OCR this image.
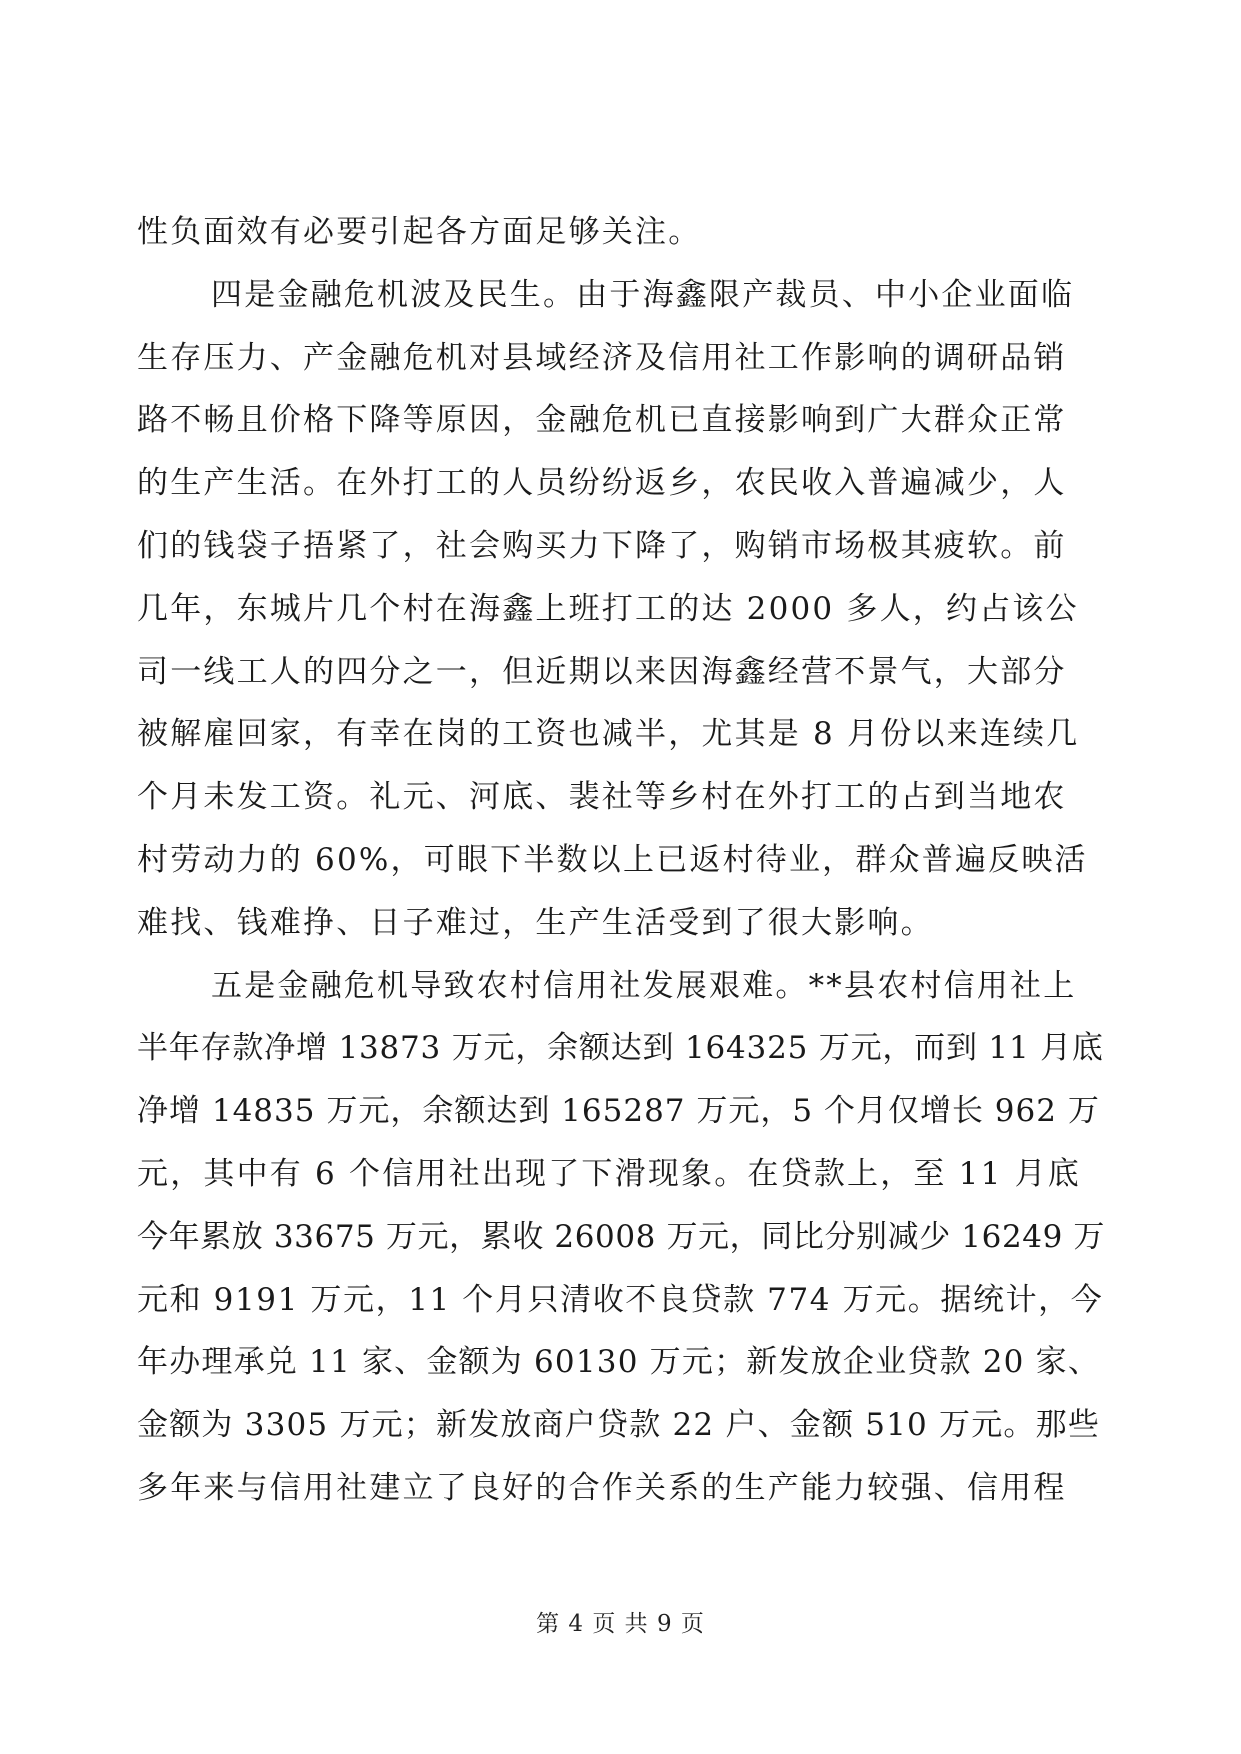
性负面效有必要引起各方面足够关注。
四是金融危机波及民生。由于海鑫限产裁员、中小企业面临
生存压力、产金融危机对县域经济及信用社工作影响的调研品销
路不畅且价格下降等原因，金融危机已直接影响到广大群众正常
的生产生活。在外打工的人员纷纷返乡，农民收入普遍减少，人
们的钱袋子捂紧了，社会购买力下降了，购销市场极其疲软。前
几年，东城片几个村在海鑫上班打工的达 2000 多人，约占该公
司一线工人的四分之一，但近期以来因海鑫经营不景气，大部分
被解雇回家，有幸在岗的工资也减半，尤其是 8 月份以来连续几
个月未发工资。礼元、河底、裴社等乡村在外打工的占到当地农
村劳动力的 60%，可眼下半数以上已返村待业，群众普遍反映活
难找、钱难挣、日子难过，生产生活受到了很大影响。
五是金融危机导致农村信用社发展艰难。**县农村信用社上
半年存款净增 13873 万元，余额达到 164325 万元，而到 11 月底
净增 14835 万元，余额达到 165287 万元，5 个月仅增长 962 万
元，其中有 6 个信用社出现了下滑现象。在贷款上，至 11 月底
今年累放 33675 万元，累收 26008 万元，同比分别减少 16249 万
元和 9191 万元，11 个月只清收不良贷款 774 万元。据统计，今
年办理承兑 11 家、金额为 60130 万元；新发放企业贷款 20 家、
金额为 3305 万元；新发放商户贷款 22 户、金额 510 万元。那些
多年来与信用社建立了良好的合作关系的生产能力较强、信用程
第 4 页 共 9 页
